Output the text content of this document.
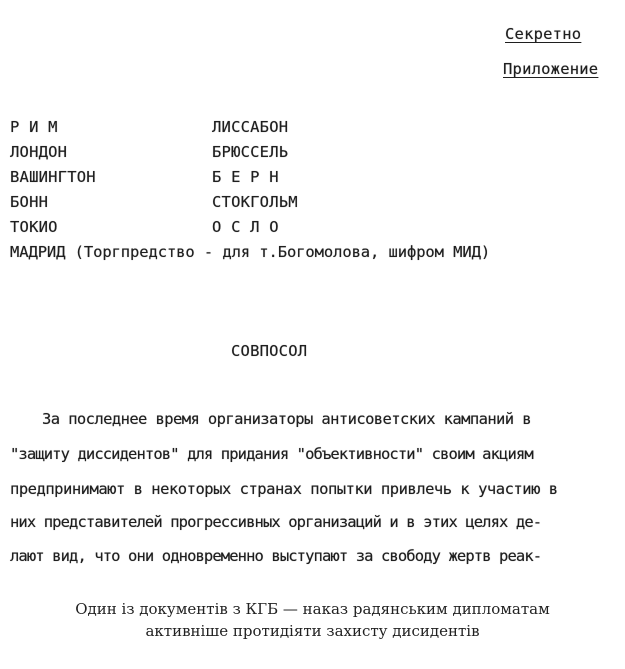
Секретно
Приложение
Р И М
ЛОНДОН
ВАШИНГТОН
БОНН
ТОКИО
ЛИССАБОН
БРЮССЕЛЬ
Б Е Р Н
СТОКГОЛЬМ
О С Л О
МАДРИД (Торгпредство - для т.Богомолова, шифром МИД)
СОВПОСОЛ
За последнее время организаторы антисоветских кампаний в
"защиту диссидентов" для придания "объективности" своим акциям
предпринимают в некоторых странах попытки привлечь к участию в
них представителей прогрессивных организаций и в этих целях де-
лают вид, что они одновременно выступают за свободу жертв реак-
Один із документів з КГБ — наказ радянським дипломатам
активніше протидіяти захисту дисидентів
